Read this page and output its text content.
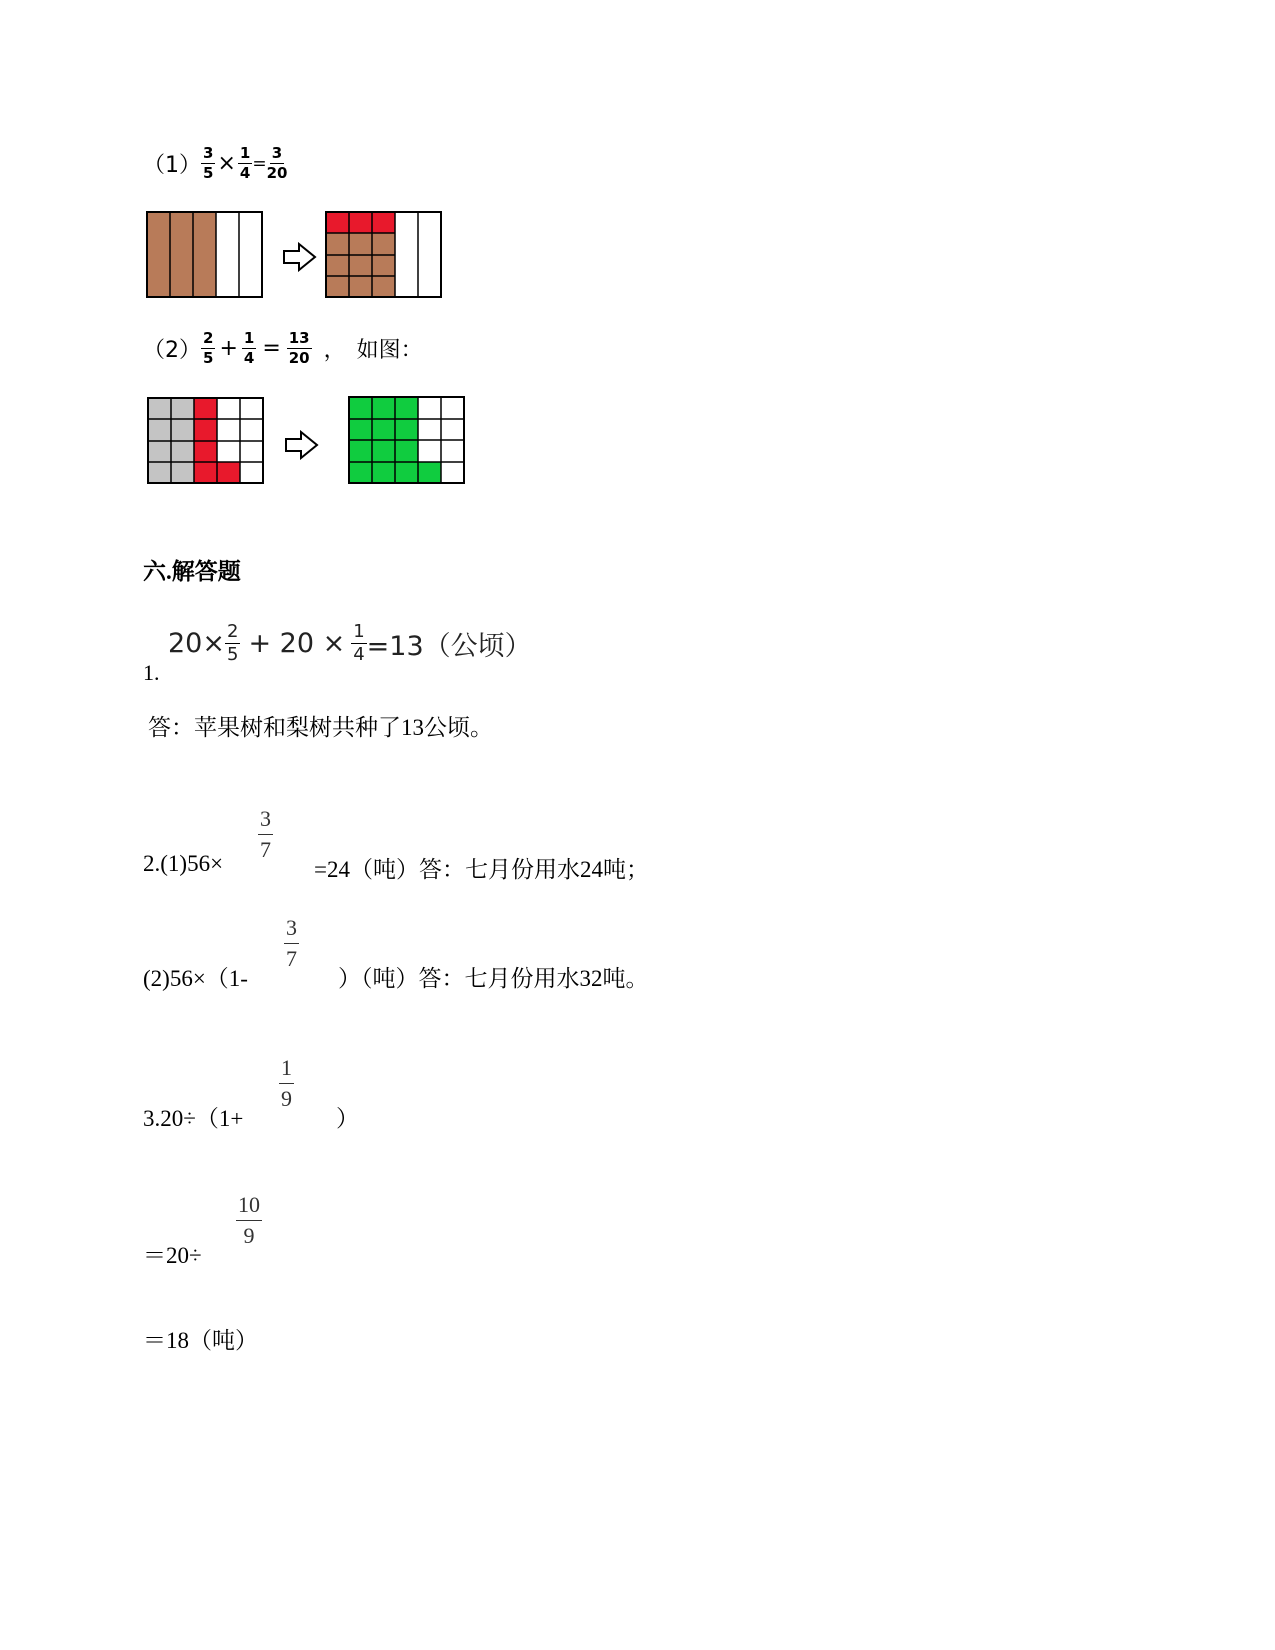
$(1) \frac{3}{5} \times \frac{1}{4} = \frac{3}{20}$
$(2) \frac{2}{5} + \frac{1}{4} = \frac{13}{20}$ ，　如图：
六.解答题
$20\times \frac{2}{5} + 20 \times \frac{1}{4} =13$（公顷）
1.
答：苹果树和梨树共种了13公顷。
2.(1)56×
$\frac{3}{7}$
=24（吨）答：七月份用水24吨；
(2)56×（1-
$\frac{3}{7}$
）（吨）答：七月份用水32吨。
3.20÷（1+
$\frac{1}{9}$
）
＝20÷
$\frac{10}{9}$
＝18（吨）
